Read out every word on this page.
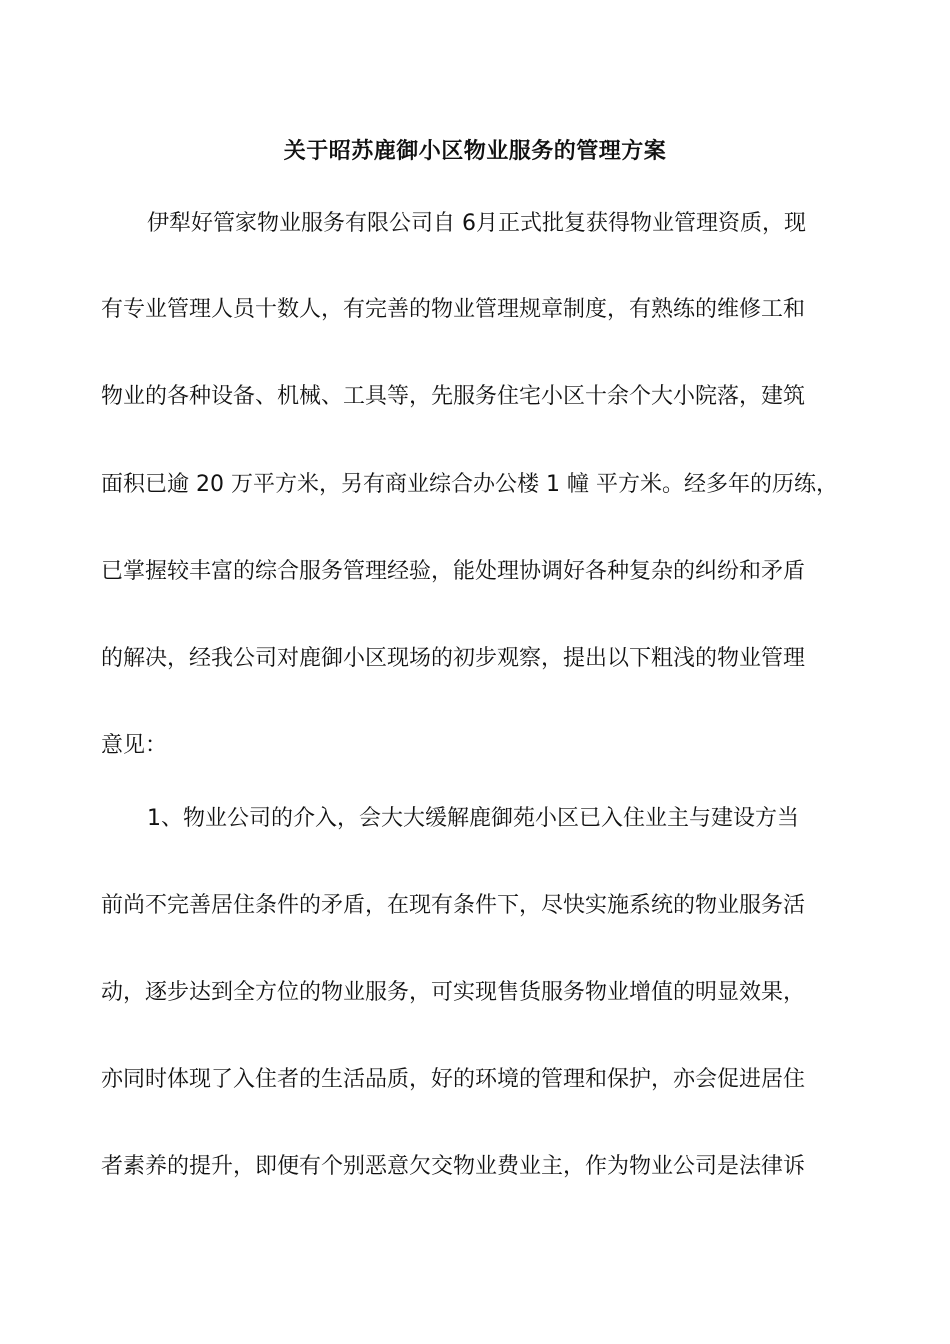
关于昭苏鹿御小区物业服务的管理方案
伊犁好管家物业服务有限公司自 6月正式批复获得物业管理资质，现
有专业管理人员十数人，有完善的物业管理规章制度，有熟练的维修工和
物业的各种设备、机械、工具等，先服务住宅小区十余个大小院落，建筑
面积已逾 20 万平方米，另有商业综合办公楼 1 幢 平方米。经多年的历练，
已掌握较丰富的综合服务管理经验，能处理协调好各种复杂的纠纷和矛盾
的解决，经我公司对鹿御小区现场的初步观察，提出以下粗浅的物业管理
意见：
1、物业公司的介入，会大大缓解鹿御苑小区已入住业主与建设方当
前尚不完善居住条件的矛盾，在现有条件下，尽快实施系统的物业服务活
动，逐步达到全方位的物业服务，可实现售货服务物业增值的明显效果，
亦同时体现了入住者的生活品质，好的环境的管理和保护，亦会促进居住
者素养的提升，即便有个别恶意欠交物业费业主，作为物业公司是法律诉
